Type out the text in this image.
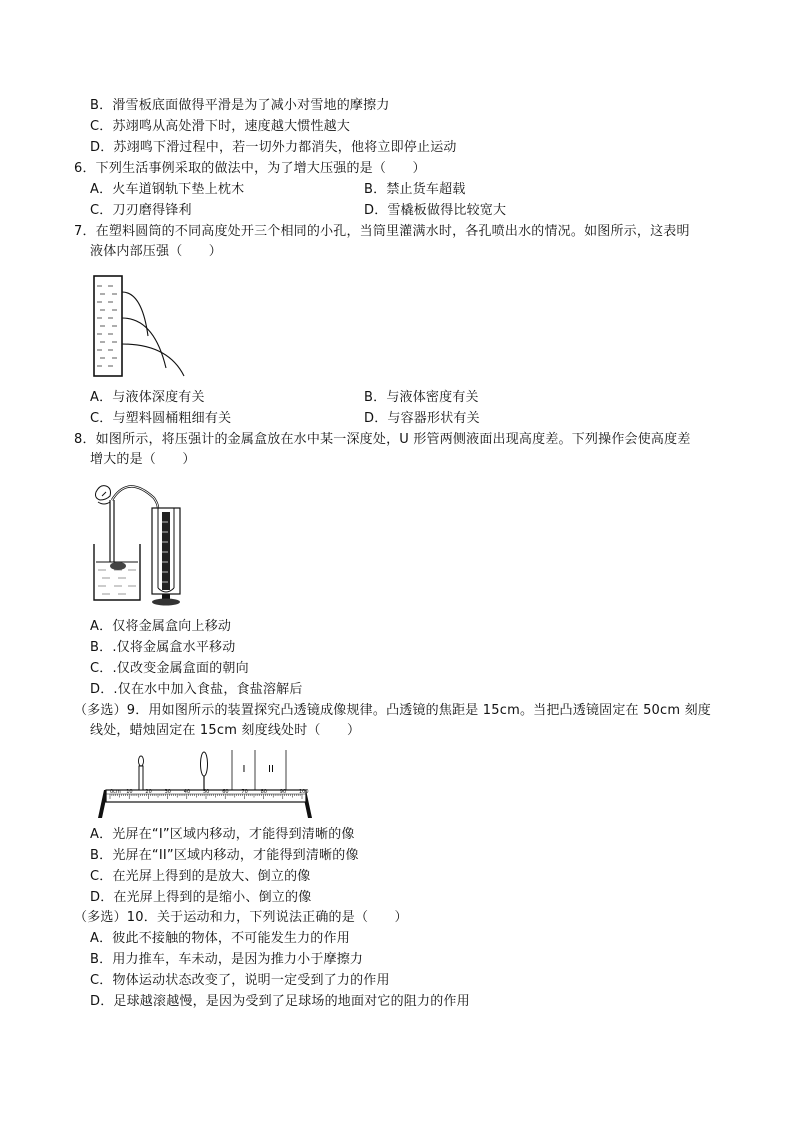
B．滑雪板底面做得平滑是为了减小对雪地的摩擦力
C．苏翊鸣从高处滑下时，速度越大惯性越大
D．苏翊鸣下滑过程中，若一切外力都消失，他将立即停止运动
6．下列生活事例采取的做法中，为了增大压强的是（　　）
A．火车道钢轨下垫上枕木	B．禁止货车超载
C．刀刃磨得锋利	D．雪橇板做得比较宽大
7．在塑料圆筒的不同高度处开三个相同的小孔，当筒里灌满水时，各孔喷出水的情况。如图所示，这表明
液体内部压强（　　）
A．与液体深度有关	B．与液体密度有关
C．与塑料圆桶粗细有关	D．与容器形状有关
8．如图所示，将压强计的金属盒放在水中某一深度处，U 形管两侧液面出现高度差。下列操作会使高度差
增大的是（　　）
A．仅将金属盒向上移动
B．.仅将金属盒水平移动
C．.仅改变金属盒面的朝向
D．.仅在水中加入食盐，食盐溶解后
（多选）9．用如图所示的装置探究凸透镜成像规律。凸透镜的焦距是 15cm。当把凸透镜固定在 50cm 刻度
线处，蜡烛固定在 15cm 刻度线处时（　　）
0cm 10	20	30	40	50	60	70	80	90	100
I II
A．光屏在“I”区域内移动，才能得到清晰的像
B．光屏在“II”区域内移动，才能得到清晰的像
C．在光屏上得到的是放大、倒立的像
D．在光屏上得到的是缩小、倒立的像
（多选）10．关于运动和力，下列说法正确的是（　　）
A．彼此不接触的物体，不可能发生力的作用
B．用力推车，车未动，是因为推力小于摩擦力
C．物体运动状态改变了，说明一定受到了力的作用
D．足球越滚越慢，是因为受到了足球场的地面对它的阻力的作用
